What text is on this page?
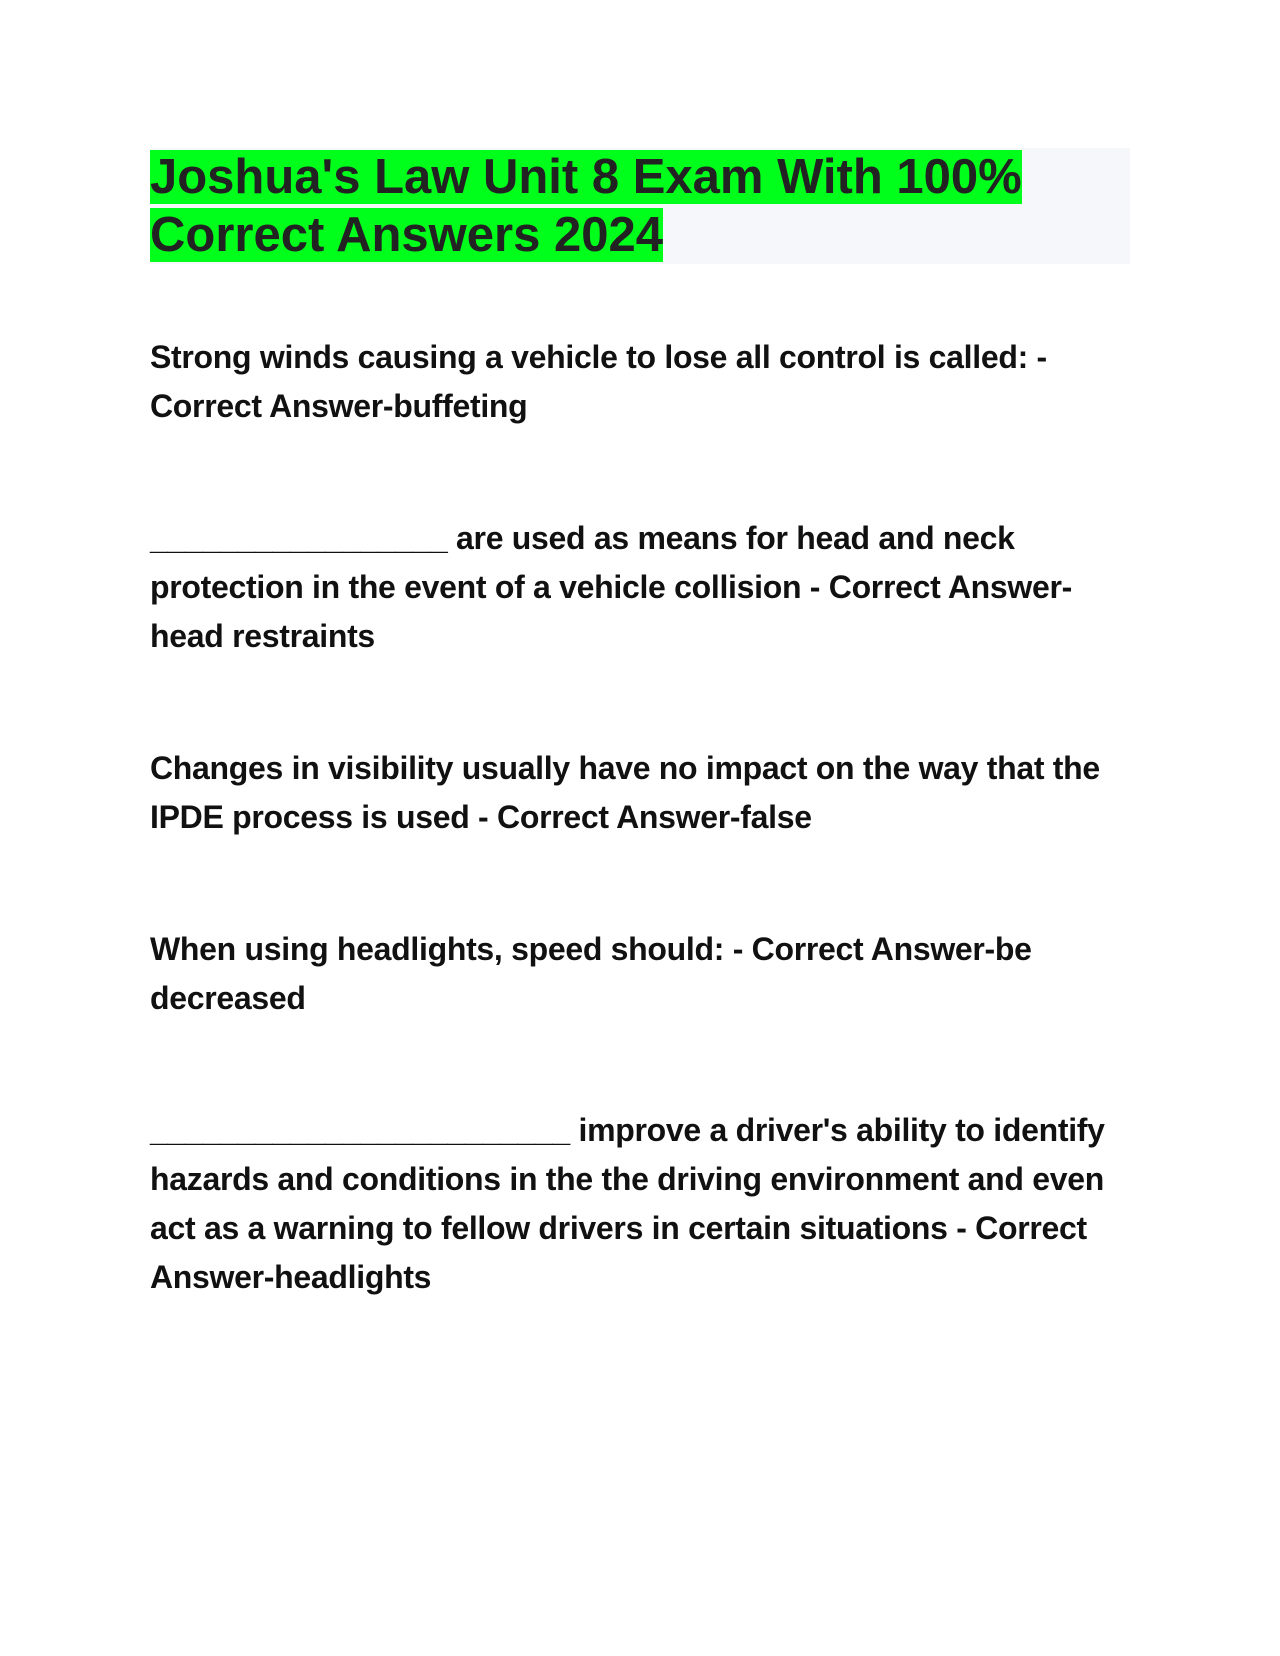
Joshua's Law Unit 8 Exam With 100% Correct Answers 2024

Strong winds causing a vehicle to lose all control is called: - Correct Answer-buffeting

_________________ are used as means for head and neck protection in the event of a vehicle collision - Correct Answer-head restraints

Changes in visibility usually have no impact on the way that the IPDE process is used - Correct Answer-false

When using headlights, speed should: - Correct Answer-be decreased

________________________ improve a driver's ability to identify hazards and conditions in the the driving environment and even act as a warning to fellow drivers in certain situations - Correct Answer-headlights
